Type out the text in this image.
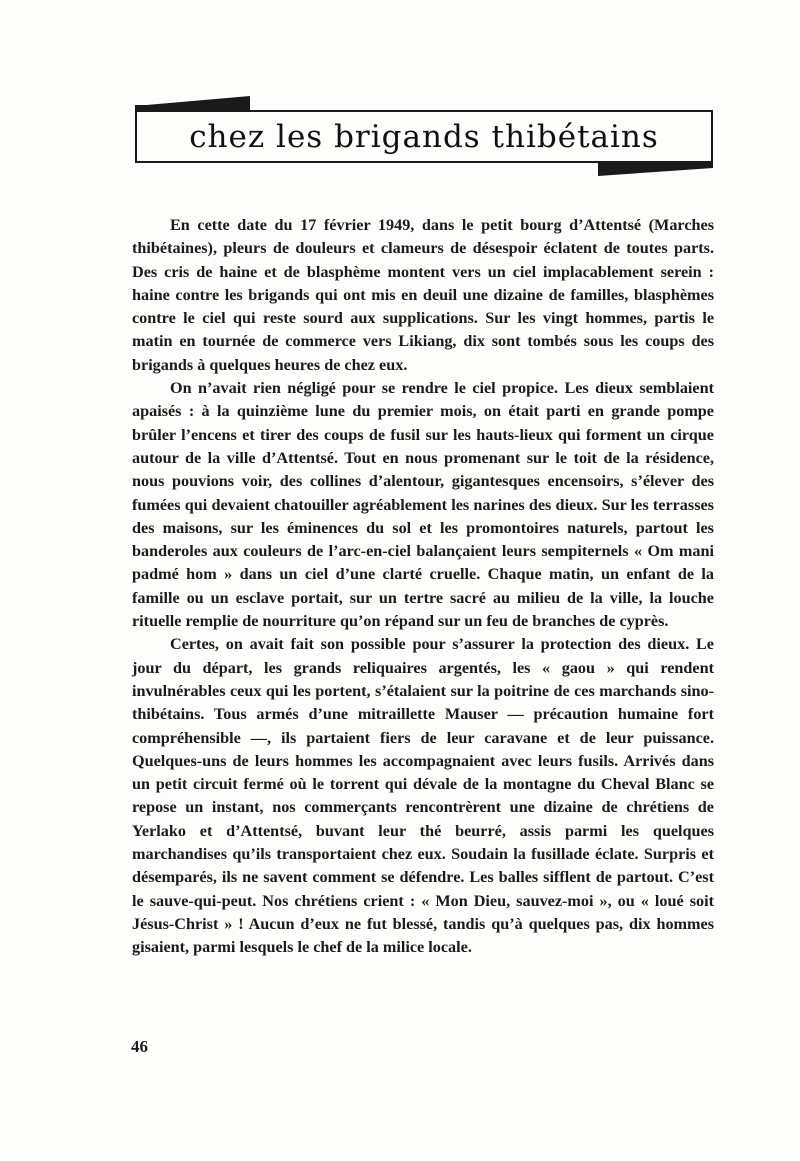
chez les brigands thibétains

En cette date du 17 février 1949, dans le petit bourg d’Attentsé (Marches thibétaines), pleurs de douleurs et clameurs de désespoir éclatent de toutes parts. Des cris de haine et de blasphème montent vers un ciel implacablement serein : haine contre les brigands qui ont mis en deuil une dizaine de familles, blasphèmes contre le ciel qui reste sourd aux supplications. Sur les vingt hommes, partis le matin en tournée de commerce vers Likiang, dix sont tombés sous les coups des brigands à quelques heures de chez eux.

On n’avait rien négligé pour se rendre le ciel propice. Les dieux semblaient apaisés : à la quinzième lune du premier mois, on était parti en grande pompe brûler l’encens et tirer des coups de fusil sur les hauts-lieux qui forment un cirque autour de la ville d’Attentsé. Tout en nous promenant sur le toit de la résidence, nous pouvions voir, des collines d’alentour, gigantesques encensoirs, s’élever des fumées qui devaient chatouiller agréablement les narines des dieux. Sur les terrasses des maisons, sur les éminences du sol et les promontoires naturels, partout les banderoles aux couleurs de l’arc-en-ciel balançaient leurs sempiternels « Om mani padmé hom » dans un ciel d’une clarté cruelle. Chaque matin, un enfant de la famille ou un esclave portait, sur un tertre sacré au milieu de la ville, la louche rituelle remplie de nourriture qu’on répand sur un feu de branches de cyprès.

Certes, on avait fait son possible pour s’assurer la protection des dieux. Le jour du départ, les grands reliquaires argentés, les « gaou » qui rendent invulnérables ceux qui les portent, s’étalaient sur la poitrine de ces marchands sino-thibétains. Tous armés d’une mitraillette Mauser — précaution humaine fort compréhensible —, ils partaient fiers de leur caravane et de leur puissance. Quelques-uns de leurs hommes les accompagnaient avec leurs fusils. Arrivés dans un petit circuit fermé où le torrent qui dévale de la montagne du Cheval Blanc se repose un instant, nos commerçants rencontrèrent une dizaine de chrétiens de Yerlako et d’Attentsé, buvant leur thé beurré, assis parmi les quelques marchandises qu’ils transportaient chez eux. Soudain la fusillade éclate. Surpris et désemparés, ils ne savent comment se défendre. Les balles sifflent de partout. C’est le sauve-qui-peut. Nos chrétiens crient : « Mon Dieu, sauvez-moi », ou « loué soit Jésus-Christ » ! Aucun d’eux ne fut blessé, tandis qu’à quelques pas, dix hommes gisaient, parmi lesquels le chef de la milice locale.

46
